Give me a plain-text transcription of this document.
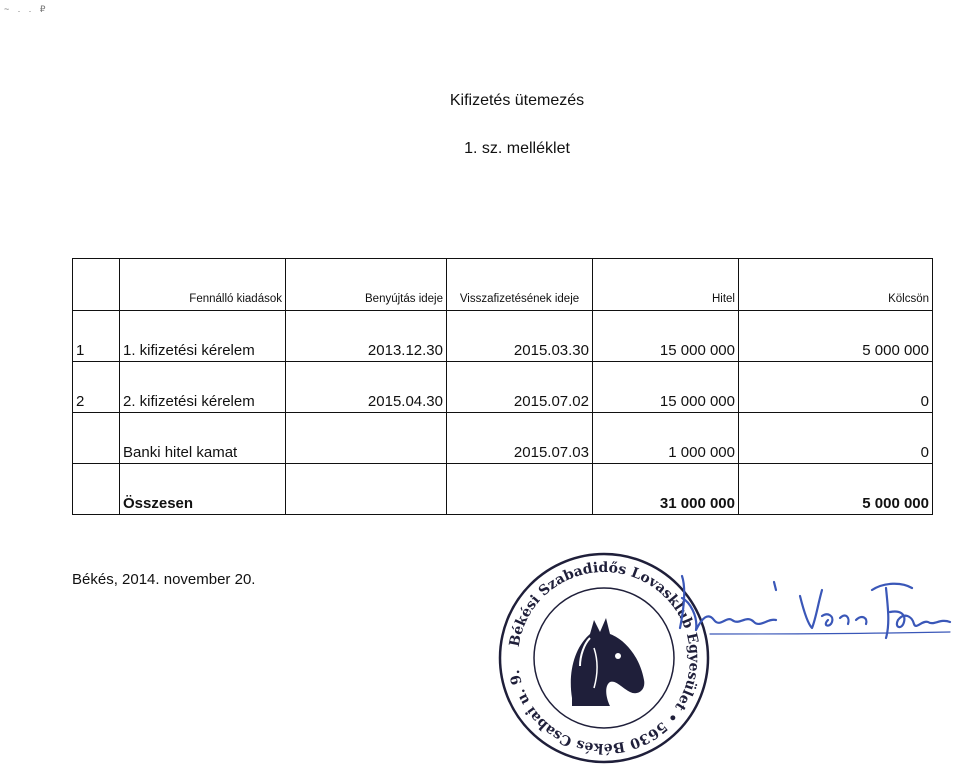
~ . . ₽
Kifizetés ütemezés
1. sz. melléklet
	Fennálló kiadások	Benyújtás ideje	Visszafizetésének ideje	Hitel	Kölcsön
1	1. kifizetési kérelem	2013.12.30	2015.03.30	15 000 000	5 000 000
2	2. kifizetési kérelem	2015.04.30	2015.07.02	15 000 000	0
	Banki hitel kamat		2015.07.03	1 000 000	0
	Összesen			31 000 000	5 000 000
Békés, 2014. november 20.
Békési Szabadidős Lovasklub Egyesület • 5630 Békés Csabai u. 9.
